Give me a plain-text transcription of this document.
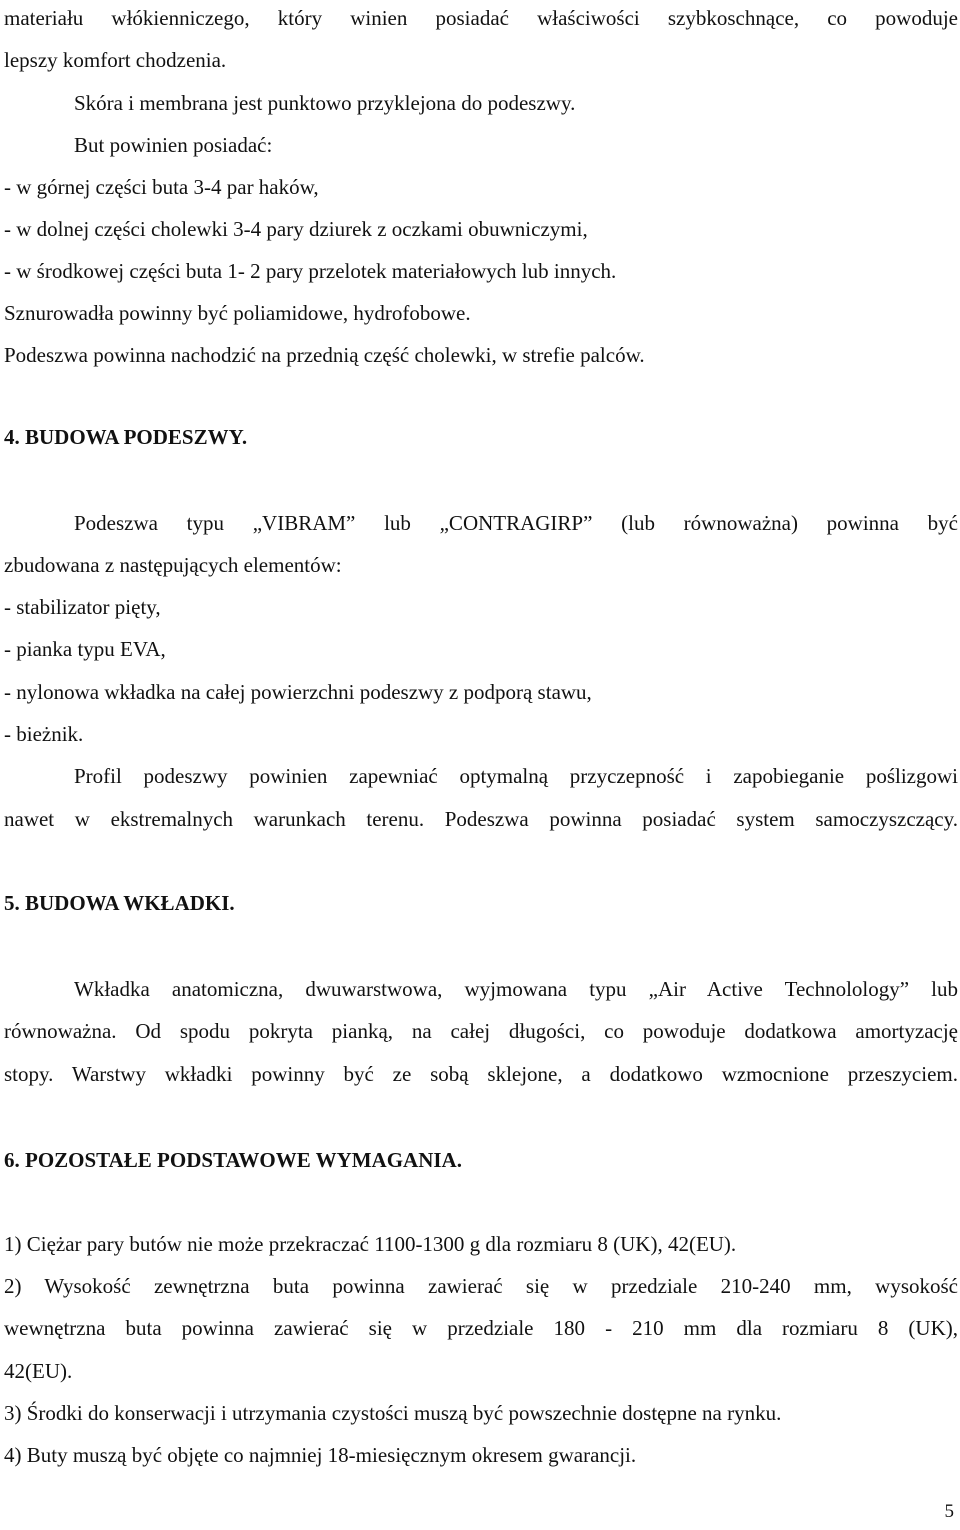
materiału włókienniczego, który winien posiadać właściwości szybkoschnące, co powoduje
lepszy komfort chodzenia.
Skóra i membrana jest punktowo przyklejona do podeszwy.
But powinien posiadać:
- w górnej części buta 3-4 par haków,
- w dolnej części cholewki 3-4 pary dziurek z oczkami obuwniczymi,
- w środkowej części buta 1- 2 pary przelotek materiałowych lub innych.
Sznurowadła powinny być poliamidowe, hydrofobowe.
Podeszwa powinna nachodzić na przednią część cholewki, w strefie palców.
4. BUDOWA PODESZWY.
Podeszwa typu „VIBRAM” lub „CONTRAGIRP” (lub równoważna) powinna być
zbudowana z następujących elementów:
- stabilizator pięty,
- pianka typu EVA,
- nylonowa wkładka na całej powierzchni podeszwy z podporą stawu,
- bieżnik.
Profil podeszwy powinien zapewniać optymalną przyczepność i zapobieganie poślizgowi
nawet w ekstremalnych warunkach terenu. Podeszwa powinna posiadać system samoczyszczący.
5. BUDOWA WKŁADKI.
Wkładka anatomiczna, dwuwarstwowa, wyjmowana typu „Air Active Technolology” lub
równoważna. Od spodu pokryta pianką, na całej długości, co powoduje dodatkowa amortyzację
stopy. Warstwy wkładki powinny być ze sobą sklejone, a dodatkowo wzmocnione przeszyciem.
6. POZOSTAŁE PODSTAWOWE WYMAGANIA.
1) Ciężar pary butów nie może przekraczać 1100-1300 g dla rozmiaru 8 (UK), 42(EU).
2) Wysokość zewnętrzna buta powinna zawierać się w przedziale 210-240 mm, wysokość
wewnętrzna buta powinna zawierać się w przedziale 180 - 210 mm dla rozmiaru 8 (UK),
42(EU).
3) Środki do konserwacji i utrzymania czystości muszą być powszechnie dostępne na rynku.
4) Buty muszą być objęte co najmniej 18-miesięcznym okresem gwarancji.
5
